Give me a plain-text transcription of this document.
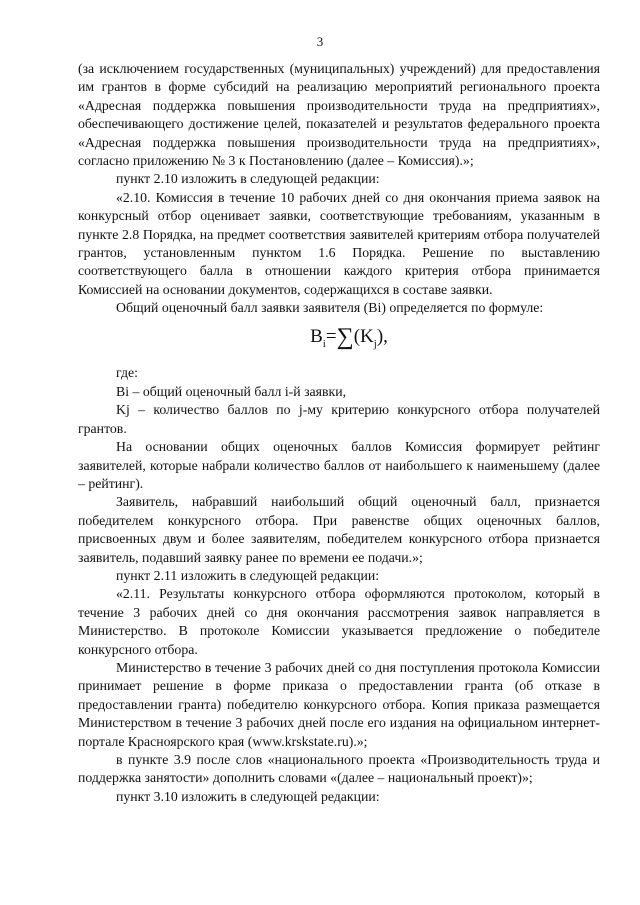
3

(за исключением государственных (муниципальных) учреждений) для предоставления им грантов в форме субсидий на реализацию мероприятий регионального проекта «Адресная поддержка повышения производительности труда на предприятиях», обеспечивающего достижение целей, показателей и результатов федерального проекта «Адресная поддержка повышения производительности труда на предприятиях», согласно приложению № 3 к Постановлению (далее – Комиссия).»;

пункт 2.10 изложить в следующей редакции:

«2.10. Комиссия в течение 10 рабочих дней со дня окончания приема заявок на конкурсный отбор оценивает заявки, соответствующие требованиям, указанным в пункте 2.8 Порядка, на предмет соответствия заявителей критериям отбора получателей грантов, установленным пунктом 1.6 Порядка. Решение по выставлению соответствующего балла в отношении каждого критерия отбора принимается Комиссией на основании документов, содержащихся в составе заявки.

Общий оценочный балл заявки заявителя (Bi) определяется по формуле:

$B_i=\sum(K_j)$,

где:

Bi – общий оценочный балл i-й заявки,

Kj – количество баллов по j-му критерию конкурсного отбора получателей грантов.

На основании общих оценочных баллов Комиссия формирует рейтинг заявителей, которые набрали количество баллов от наибольшего к наименьшему (далее – рейтинг).

Заявитель, набравший наибольший общий оценочный балл, признается победителем конкурсного отбора. При равенстве общих оценочных баллов, присвоенных двум и более заявителям, победителем конкурсного отбора признается заявитель, подавший заявку ранее по времени ее подачи.»;

пункт 2.11 изложить в следующей редакции:

«2.11. Результаты конкурсного отбора оформляются протоколом, который в течение 3 рабочих дней со дня окончания рассмотрения заявок направляется в Министерство. В протоколе Комиссии указывается предложение о победителе конкурсного отбора.

Министерство в течение 3 рабочих дней со дня поступления протокола Комиссии принимает решение в форме приказа о предоставлении гранта (об отказе в предоставлении гранта) победителю конкурсного отбора. Копия приказа размещается Министерством в течение 3 рабочих дней после его издания на официальном интернет-портале Красноярского края (www.krskstate.ru).»;

в пункте 3.9 после слов «национального проекта «Производительность труда и поддержка занятости» дополнить словами «(далее – национальный проект)»;

пункт 3.10 изложить в следующей редакции:
